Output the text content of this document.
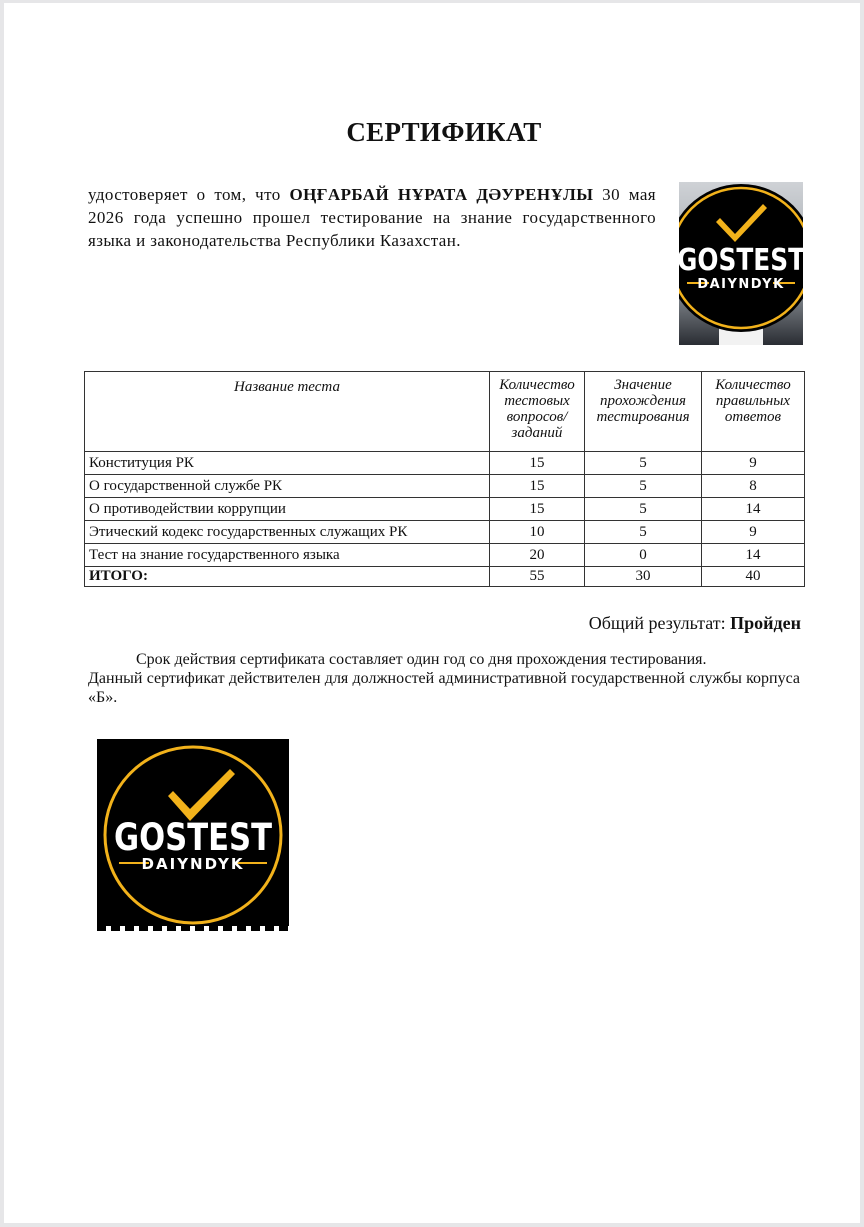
СЕРТИФИКАТ
удостоверяет о том, что ОҢҒАРБАЙ НҰРАТА ДӘУРЕНҰЛЫ 30 мая 2026 года успешно прошел тестирование на знание государственного языка и законодательства Республики Казахстан.
GOSTEST
DAIYNDYK
Название теста	Количество тестовых вопросов/ заданий	Значение прохождения тестирования	Количество правильных ответов
Конституция РК	15	5	9
О государственной службе РК	15	5	8
О противодействии коррупции	15	5	14
Этический кодекс государственных служащих РК	10	5	9
Тест на знание государственного языка	20	0	14
ИТОГО:	55	30	40
Общий результат: Пройден
Срок действия сертификата составляет один год со дня прохождения тестирования.
Данный сертификат действителен для должностей административной государственной службы корпуса «Б».
GOSTEST
DAIYNDYK
